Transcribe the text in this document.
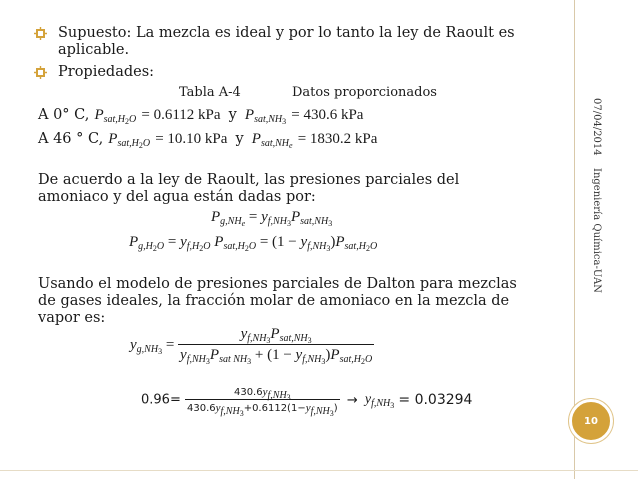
Supuesto: La mezcla es ideal y por lo tanto la ley de Raoult es
aplicable.
Propiedades:
Tabla A-4	Datos proporcionados
A 0° C, $P_{sat,H_2O} = 0.6112$ kPa y $P_{sat,NH_3} = 430.6$ kPa
A 46 ° C, $P_{sat,H_2O} = 10.10$ kPa y $P_{sat,NH_e} = 1830.2$ kPa
De acuerdo a la ley de Raoult, las presiones parciales del
amoniaco y del agua están dadas por:
$P_{g,NH_e} = y_{f,NH_3}P_{sat,NH_3}$
$P_{g,H_2O} = y_{f,H_2O}$ $P_{sat,H_2O} = (1 - y_{f,NH_3})P_{sat,H_2O}$
Usando el modelo de presiones parciales de Dalton para mezclas
de gases ideales, la fracción molar de amoniaco en la mezcla de
vapor es:
$y_{g,NH_3} = \frac{y_{f,NH_3}P_{sat,NH_3}}{y_{f,NH_3}P_{sat NH_3} + (1 - y_{f,NH_3})P_{sat,H_2O}}$
$0.96= \frac{430.6y_{f,NH_3}}{430.6y_{f,NH_3}+0.6112(1-y_{f,NH_3})} \to y_{f,NH_3} = 0.03294$
07/04/2014
Ingeniería Química-UAN
10
